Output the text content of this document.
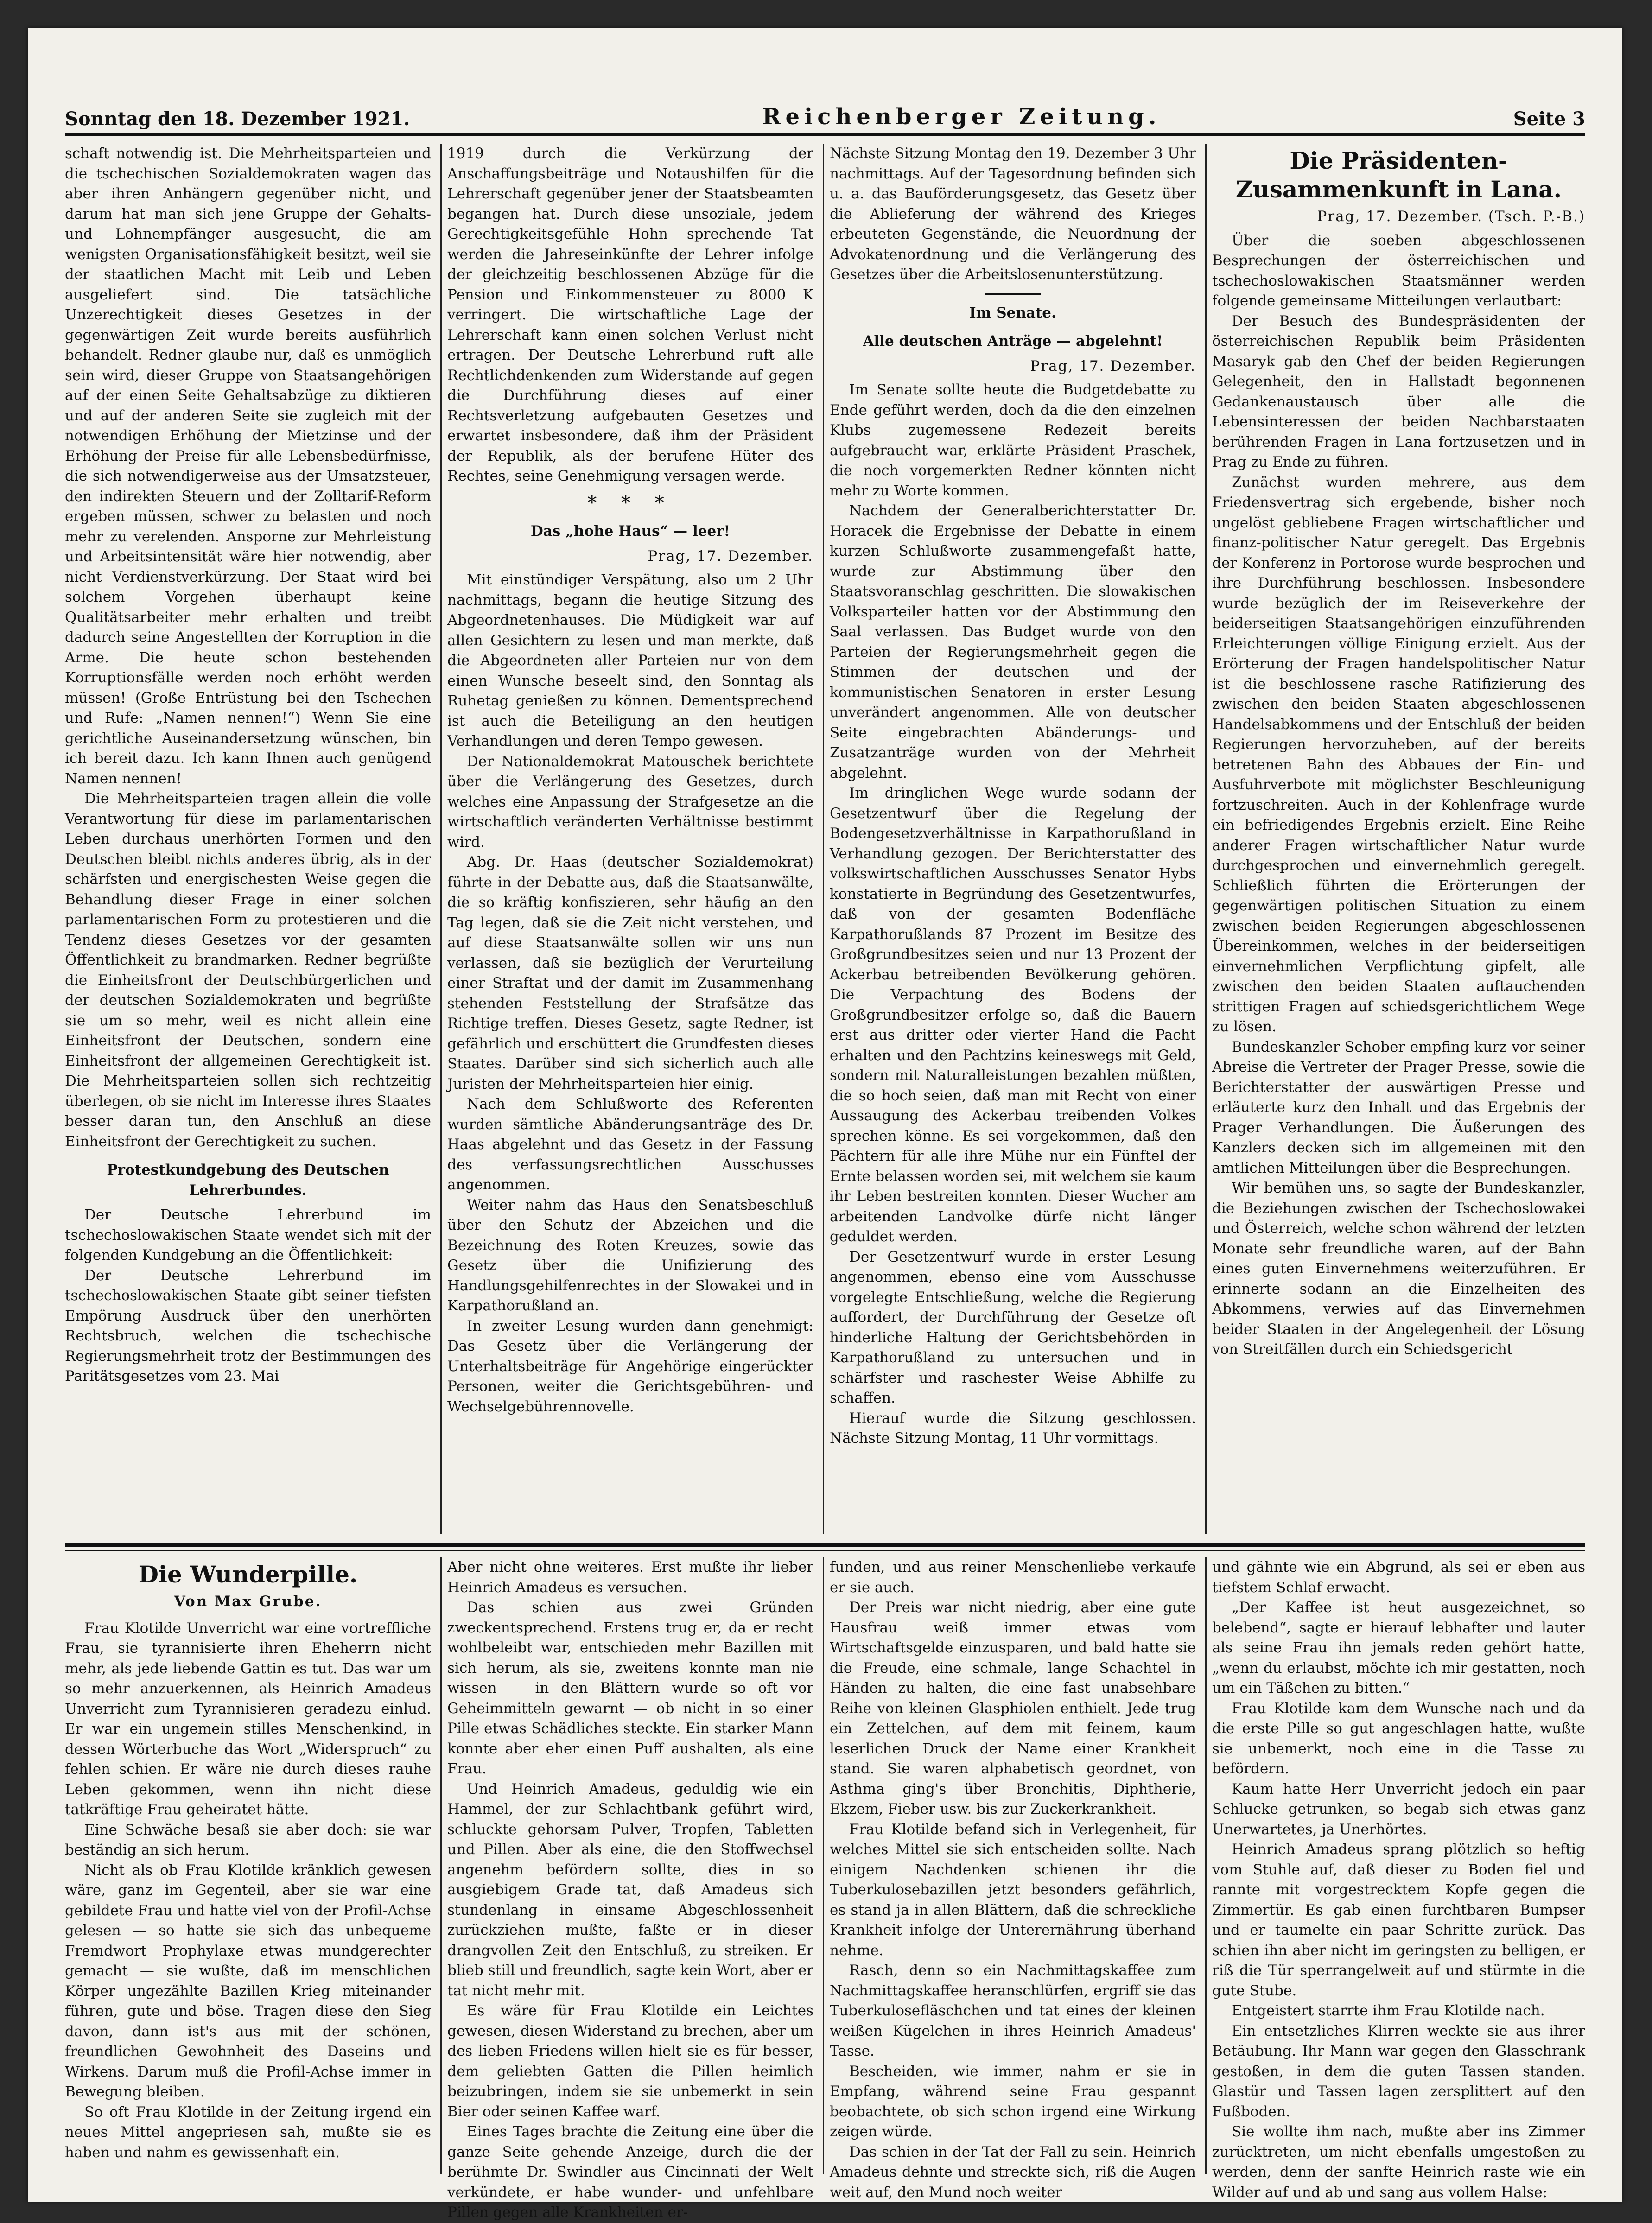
Sonntag den 18. Dezember 1921.	Reichenberger Zeitung.	Seite 3

schaft notwendig ist. Die Mehrheitsparteien und die tschechischen Sozialdemokraten wagen das aber ihren Anhängern gegenüber nicht, und darum hat man sich jene Gruppe der Gehalts- und Lohnempfänger ausgesucht, die am wenigsten Organisationsfähigkeit besitzt, weil sie der staatlichen Macht mit Leib und Leben ausgeliefert sind. Die tatsächliche Unzerechtigkeit dieses Gesetzes in der gegenwärtigen Zeit wurde bereits ausführlich behandelt. Redner glaube nur, daß es unmöglich sein wird, dieser Gruppe von Staatsangehörigen auf der einen Seite Gehaltsabzüge zu diktieren und auf der anderen Seite sie zugleich mit der notwendigen Erhöhung der Mietzinse und der Erhöhung der Preise für alle Lebensbedürfnisse, die sich notwendigerweise aus der Umsatzsteuer, den indirekten Steuern und der Zolltarif-Reform ergeben müssen, schwer zu belasten und noch mehr zu verelenden. Ansporne zur Mehrleistung und Arbeitsintensität wäre hier notwendig, aber nicht Verdienstverkürzung. Der Staat wird bei solchem Vorgehen überhaupt keine Qualitätsarbeiter mehr erhalten und treibt dadurch seine Angestellten der Korruption in die Arme. Die heute schon bestehenden Korruptionsfälle werden noch erhöht werden müssen! (Große Entrüstung bei den Tschechen und Rufe: „Namen nennen!“) Wenn Sie eine gerichtliche Auseinandersetzung wünschen, bin ich bereit dazu. Ich kann Ihnen auch genügend Namen nennen!

Die Mehrheitsparteien tragen allein die volle Verantwortung für diese im parlamentarischen Leben durchaus unerhörten Formen und den Deutschen bleibt nichts anderes übrig, als in der schärfsten und energischesten Weise gegen die Behandlung dieser Frage in einer solchen parlamentarischen Form zu protestieren und die Tendenz dieses Gesetzes vor der gesamten Öffentlichkeit zu brandmarken. Redner begrüßte die Einheitsfront der Deutschbürgerlichen und der deutschen Sozialdemokraten und begrüßte sie um so mehr, weil es nicht allein eine Einheitsfront der Deutschen, sondern eine Einheitsfront der allgemeinen Gerechtigkeit ist. Die Mehrheitsparteien sollen sich rechtzeitig überlegen, ob sie nicht im Interesse ihres Staates besser daran tun, den Anschluß an diese Einheitsfront der Gerechtigkeit zu suchen.

Protestkundgebung des Deutschen Lehrerbundes.

Der Deutsche Lehrerbund im tschechoslowakischen Staate wendet sich mit der folgenden Kundgebung an die Öffentlichkeit:

Der Deutsche Lehrerbund im tschechoslowakischen Staate gibt seiner tiefsten Empörung Ausdruck über den unerhörten Rechtsbruch, welchen die tschechische Regierungsmehrheit trotz der Bestimmungen des Paritätsgesetzes vom 23. Mai

1919 durch die Verkürzung der Anschaffungsbeiträge und Notaushilfen für die Lehrerschaft gegenüber jener der Staatsbeamten begangen hat. Durch diese unsoziale, jedem Gerechtigkeitsgefühle Hohn sprechende Tat werden die Jahreseinkünfte der Lehrer infolge der gleichzeitig beschlossenen Abzüge für die Pension und Einkommensteuer zu 8000 K verringert. Die wirtschaftliche Lage der Lehrerschaft kann einen solchen Verlust nicht ertragen. Der Deutsche Lehrerbund ruft alle Rechtlichdenkenden zum Widerstande auf gegen die Durchführung dieses auf einer Rechtsverletzung aufgebauten Gesetzes und erwartet insbesondere, daß ihm der Präsident der Republik, als der berufene Hüter des Rechtes, seine Genehmigung versagen werde.

* * *
Das „hohe Haus“ — leer!

Prag, 17. Dezember.

Mit einstündiger Verspätung, also um 2 Uhr nachmittags, begann die heutige Sitzung des Abgeordnetenhauses. Die Müdigkeit war auf allen Gesichtern zu lesen und man merkte, daß die Abgeordneten aller Parteien nur von dem einen Wunsche beseelt sind, den Sonntag als Ruhetag genießen zu können. Dementsprechend ist auch die Beteiligung an den heutigen Verhandlungen und deren Tempo gewesen.

Der Nationaldemokrat Matouschek berichtete über die Verlängerung des Gesetzes, durch welches eine Anpassung der Strafgesetze an die wirtschaftlich veränderten Verhältnisse bestimmt wird.

Abg. Dr. Haas (deutscher Sozialdemokrat) führte in der Debatte aus, daß die Staatsanwälte, die so kräftig konfiszieren, sehr häufig an den Tag legen, daß sie die Zeit nicht verstehen, und auf diese Staatsanwälte sollen wir uns nun verlassen, daß sie bezüglich der Verurteilung einer Straftat und der damit im Zusammenhang stehenden Feststellung der Strafsätze das Richtige treffen. Dieses Gesetz, sagte Redner, ist gefährlich und erschüttert die Grundfesten dieses Staates. Darüber sind sich sicherlich auch alle Juristen der Mehrheitsparteien hier einig.

Nach dem Schlußworte des Referenten wurden sämtliche Abänderungsanträge des Dr. Haas abgelehnt und das Gesetz in der Fassung des verfassungsrechtlichen Ausschusses angenommen.

Weiter nahm das Haus den Senatsbeschluß über den Schutz der Abzeichen und die Bezeichnung des Roten Kreuzes, sowie das Gesetz über die Unifizierung des Handlungsgehilfenrechtes in der Slowakei und in Karpathorußland an.

In zweiter Lesung wurden dann genehmigt: Das Gesetz über die Verlängerung der Unterhaltsbeiträge für Angehörige eingerückter Personen, weiter die Gerichtsgebühren- und Wechselgebührennovelle.

Nächste Sitzung Montag den 19. Dezember 3 Uhr nachmittags. Auf der Tagesordnung befinden sich u. a. das Bauförderungsgesetz, das Gesetz über die Ablieferung der während des Krieges erbeuteten Gegenstände, die Neuordnung der Advokatenordnung und die Verlängerung des Gesetzes über die Arbeitslosenunterstützung.

Im Senate.
Alle deutschen Anträge — abgelehnt!

Prag, 17. Dezember.

Im Senate sollte heute die Budgetdebatte zu Ende geführt werden, doch da die den einzelnen Klubs zugemessene Redezeit bereits aufgebraucht war, erklärte Präsident Praschek, die noch vorgemerkten Redner könnten nicht mehr zu Worte kommen.

Nachdem der Generalberichterstatter Dr. Horacek die Ergebnisse der Debatte in einem kurzen Schlußworte zusammengefaßt hatte, wurde zur Abstimmung über den Staatsvoranschlag geschritten. Die slowakischen Volksparteiler hatten vor der Abstimmung den Saal verlassen. Das Budget wurde von den Parteien der Regierungsmehrheit gegen die Stimmen der deutschen und der kommunistischen Senatoren in erster Lesung unverändert angenommen. Alle von deutscher Seite eingebrachten Abänderungs- und Zusatzanträge wurden von der Mehrheit abgelehnt.

Im dringlichen Wege wurde sodann der Gesetzentwurf über die Regelung der Bodengesetzverhältnisse in Karpathorußland in Verhandlung gezogen. Der Berichterstatter des volkswirtschaftlichen Ausschusses Senator Hybs konstatierte in Begründung des Gesetzentwurfes, daß von der gesamten Bodenfläche Karpathorußlands 87 Prozent im Besitze des Großgrundbesitzes seien und nur 13 Prozent der Ackerbau betreibenden Bevölkerung gehören. Die Verpachtung des Bodens der Großgrundbesitzer erfolge so, daß die Bauern erst aus dritter oder vierter Hand die Pacht erhalten und den Pachtzins keineswegs mit Geld, sondern mit Naturalleistungen bezahlen müßten, die so hoch seien, daß man mit Recht von einer Aussaugung des Ackerbau treibenden Volkes sprechen könne. Es sei vorgekommen, daß den Pächtern für alle ihre Mühe nur ein Fünftel der Ernte belassen worden sei, mit welchem sie kaum ihr Leben bestreiten konnten. Dieser Wucher am arbeitenden Landvolke dürfe nicht länger geduldet werden.

Der Gesetzentwurf wurde in erster Lesung angenommen, ebenso eine vom Ausschusse vorgelegte Entschließung, welche die Regierung auffordert, der Durchführung der Gesetze oft hinderliche Haltung der Gerichtsbehörden in Karpathorußland zu untersuchen und in schärfster und raschester Weise Abhilfe zu schaffen.

Hierauf wurde die Sitzung geschlossen. Nächste Sitzung Montag, 11 Uhr vormittags.

Die Präsidenten-Zusammenkunft in Lana.

Prag, 17. Dezember. (Tsch. P.-B.)

Über die soeben abgeschlossenen Besprechungen der österreichischen und tschechoslowakischen Staatsmänner werden folgende gemeinsame Mitteilungen verlautbart:

Der Besuch des Bundespräsidenten der österreichischen Republik beim Präsidenten Masaryk gab den Chef der beiden Regierungen Gelegenheit, den in Hallstadt begonnenen Gedankenaustausch über alle die Lebensinteressen der beiden Nachbarstaaten berührenden Fragen in Lana fortzusetzen und in Prag zu Ende zu führen.

Zunächst wurden mehrere, aus dem Friedensvertrag sich ergebende, bisher noch ungelöst gebliebene Fragen wirtschaftlicher und finanz-politischer Natur geregelt. Das Ergebnis der Konferenz in Portorose wurde besprochen und ihre Durchführung beschlossen. Insbesondere wurde bezüglich der im Reiseverkehre der beiderseitigen Staatsangehörigen einzuführenden Erleichterungen völlige Einigung erzielt. Aus der Erörterung der Fragen handelspolitischer Natur ist die beschlossene rasche Ratifizierung des zwischen den beiden Staaten abgeschlossenen Handelsabkommens und der Entschluß der beiden Regierungen hervorzuheben, auf der bereits betretenen Bahn des Abbaues der Ein- und Ausfuhrverbote mit möglichster Beschleunigung fortzuschreiten. Auch in der Kohlenfrage wurde ein befriedigendes Ergebnis erzielt. Eine Reihe anderer Fragen wirtschaftlicher Natur wurde durchgesprochen und einvernehmlich geregelt. Schließlich führten die Erörterungen der gegenwärtigen politischen Situation zu einem zwischen beiden Regierungen abgeschlossenen Übereinkommen, welches in der beiderseitigen einvernehmlichen Verpflichtung gipfelt, alle zwischen den beiden Staaten auftauchenden strittigen Fragen auf schiedsgerichtlichem Wege zu lösen.

Bundeskanzler Schober empfing kurz vor seiner Abreise die Vertreter der Prager Presse, sowie die Berichterstatter der auswärtigen Presse und erläuterte kurz den Inhalt und das Ergebnis der Prager Verhandlungen. Die Äußerungen des Kanzlers decken sich im allgemeinen mit den amtlichen Mitteilungen über die Besprechungen.

Wir bemühen uns, so sagte der Bundeskanzler, die Beziehungen zwischen der Tschechoslowakei und Österreich, welche schon während der letzten Monate sehr freundliche waren, auf der Bahn eines guten Einvernehmens weiterzuführen. Er erinnerte sodann an die Einzelheiten des Abkommens, verwies auf das Einvernehmen beider Staaten in der Angelegenheit der Lösung von Streitfällen durch ein Schiedsgericht

Die Wunderpille.

Von Max Grube.

Frau Klotilde Unverricht war eine vortreffliche Frau, sie tyrannisierte ihren Eheherrn nicht mehr, als jede liebende Gattin es tut. Das war um so mehr anzuerkennen, als Heinrich Amadeus Unverricht zum Tyrannisieren geradezu einlud. Er war ein ungemein stilles Menschenkind, in dessen Wörterbuche das Wort „Widerspruch“ zu fehlen schien. Er wäre nie durch dieses rauhe Leben gekommen, wenn ihn nicht diese tatkräftige Frau geheiratet hätte.

Eine Schwäche besaß sie aber doch: sie war beständig an sich herum.

Nicht als ob Frau Klotilde kränklich gewesen wäre, ganz im Gegenteil, aber sie war eine gebildete Frau und hatte viel von der Profil-Achse gelesen — so hatte sie sich das unbequeme Fremdwort Prophylaxe etwas mundgerechter gemacht — sie wußte, daß im menschlichen Körper ungezählte Bazillen Krieg miteinander führen, gute und böse. Tragen diese den Sieg davon, dann ist's aus mit der schönen, freundlichen Gewohnheit des Daseins und Wirkens. Darum muß die Profil-Achse immer in Bewegung bleiben.

So oft Frau Klotilde in der Zeitung irgend ein neues Mittel angepriesen sah, mußte sie es haben und nahm es gewissenhaft ein.

Aber nicht ohne weiteres. Erst mußte ihr lieber Heinrich Amadeus es versuchen.

Das schien aus zwei Gründen zweckentsprechend. Erstens trug er, da er recht wohlbeleibt war, entschieden mehr Bazillen mit sich herum, als sie, zweitens konnte man nie wissen — in den Blättern wurde so oft vor Geheimmitteln gewarnt — ob nicht in so einer Pille etwas Schädliches steckte. Ein starker Mann konnte aber eher einen Puff aushalten, als eine Frau.

Und Heinrich Amadeus, geduldig wie ein Hammel, der zur Schlachtbank geführt wird, schluckte gehorsam Pulver, Tropfen, Tabletten und Pillen. Aber als eine, die den Stoffwechsel angenehm befördern sollte, dies in so ausgiebigem Grade tat, daß Amadeus sich stundenlang in einsame Abgeschlossenheit zurückziehen mußte, faßte er in dieser drangvollen Zeit den Entschluß, zu streiken. Er blieb still und freundlich, sagte kein Wort, aber er tat nicht mehr mit.

Es wäre für Frau Klotilde ein Leichtes gewesen, diesen Widerstand zu brechen, aber um des lieben Friedens willen hielt sie es für besser, dem geliebten Gatten die Pillen heimlich beizubringen, indem sie sie unbemerkt in sein Bier oder seinen Kaffee warf.

Eines Tages brachte die Zeitung eine über die ganze Seite gehende Anzeige, durch die der berühmte Dr. Swindler aus Cincinnati der Welt verkündete, er habe wunder- und unfehlbare Pillen gegen alle Krankheiten er-

funden, und aus reiner Menschenliebe verkaufe er sie auch.

Der Preis war nicht niedrig, aber eine gute Hausfrau weiß immer etwas vom Wirtschaftsgelde einzusparen, und bald hatte sie die Freude, eine schmale, lange Schachtel in Händen zu halten, die eine fast unabsehbare Reihe von kleinen Glasphiolen enthielt. Jede trug ein Zettelchen, auf dem mit feinem, kaum leserlichen Druck der Name einer Krankheit stand. Sie waren alphabetisch geordnet, von Asthma ging's über Bronchitis, Diphtherie, Ekzem, Fieber usw. bis zur Zuckerkrankheit.

Frau Klotilde befand sich in Verlegenheit, für welches Mittel sie sich entscheiden sollte. Nach einigem Nachdenken schienen ihr die Tuberkulosebazillen jetzt besonders gefährlich, es stand ja in allen Blättern, daß die schreckliche Krankheit infolge der Unterernährung überhand nehme.

Rasch, denn so ein Nachmittagskaffee zum Nachmittagskaffee heranschlürfen, ergriff sie das Tuberkulosefläschchen und tat eines der kleinen weißen Kügelchen in ihres Heinrich Amadeus' Tasse.

Bescheiden, wie immer, nahm er sie in Empfang, während seine Frau gespannt beobachtete, ob sich schon irgend eine Wirkung zeigen würde.

Das schien in der Tat der Fall zu sein. Heinrich Amadeus dehnte und streckte sich, riß die Augen weit auf, den Mund noch weiter

und gähnte wie ein Abgrund, als sei er eben aus tiefstem Schlaf erwacht.

„Der Kaffee ist heut ausgezeichnet, so belebend“, sagte er hierauf lebhafter und lauter als seine Frau ihn jemals reden gehört hatte, „wenn du erlaubst, möchte ich mir gestatten, noch um ein Täßchen zu bitten.“

Frau Klotilde kam dem Wunsche nach und da die erste Pille so gut angeschlagen hatte, wußte sie unbemerkt, noch eine in die Tasse zu befördern.

Kaum hatte Herr Unverricht jedoch ein paar Schlucke getrunken, so begab sich etwas ganz Unerwartetes, ja Unerhörtes.

Heinrich Amadeus sprang plötzlich so heftig vom Stuhle auf, daß dieser zu Boden fiel und rannte mit vorgestrecktem Kopfe gegen die Zimmertür. Es gab einen furchtbaren Bumpser und er taumelte ein paar Schritte zurück. Das schien ihn aber nicht im geringsten zu belligen, er riß die Tür sperrangelweit auf und stürmte in die gute Stube.

Entgeistert starrte ihm Frau Klotilde nach.

Ein entsetzliches Klirren weckte sie aus ihrer Betäubung. Ihr Mann war gegen den Glasschrank gestoßen, in dem die guten Tassen standen. Glastür und Tassen lagen zersplittert auf den Fußboden.

Sie wollte ihm nach, mußte aber ins Zimmer zurücktreten, um nicht ebenfalls umgestoßen zu werden, denn der sanfte Heinrich raste wie ein Wilder auf und ab und sang aus vollem Halse:
